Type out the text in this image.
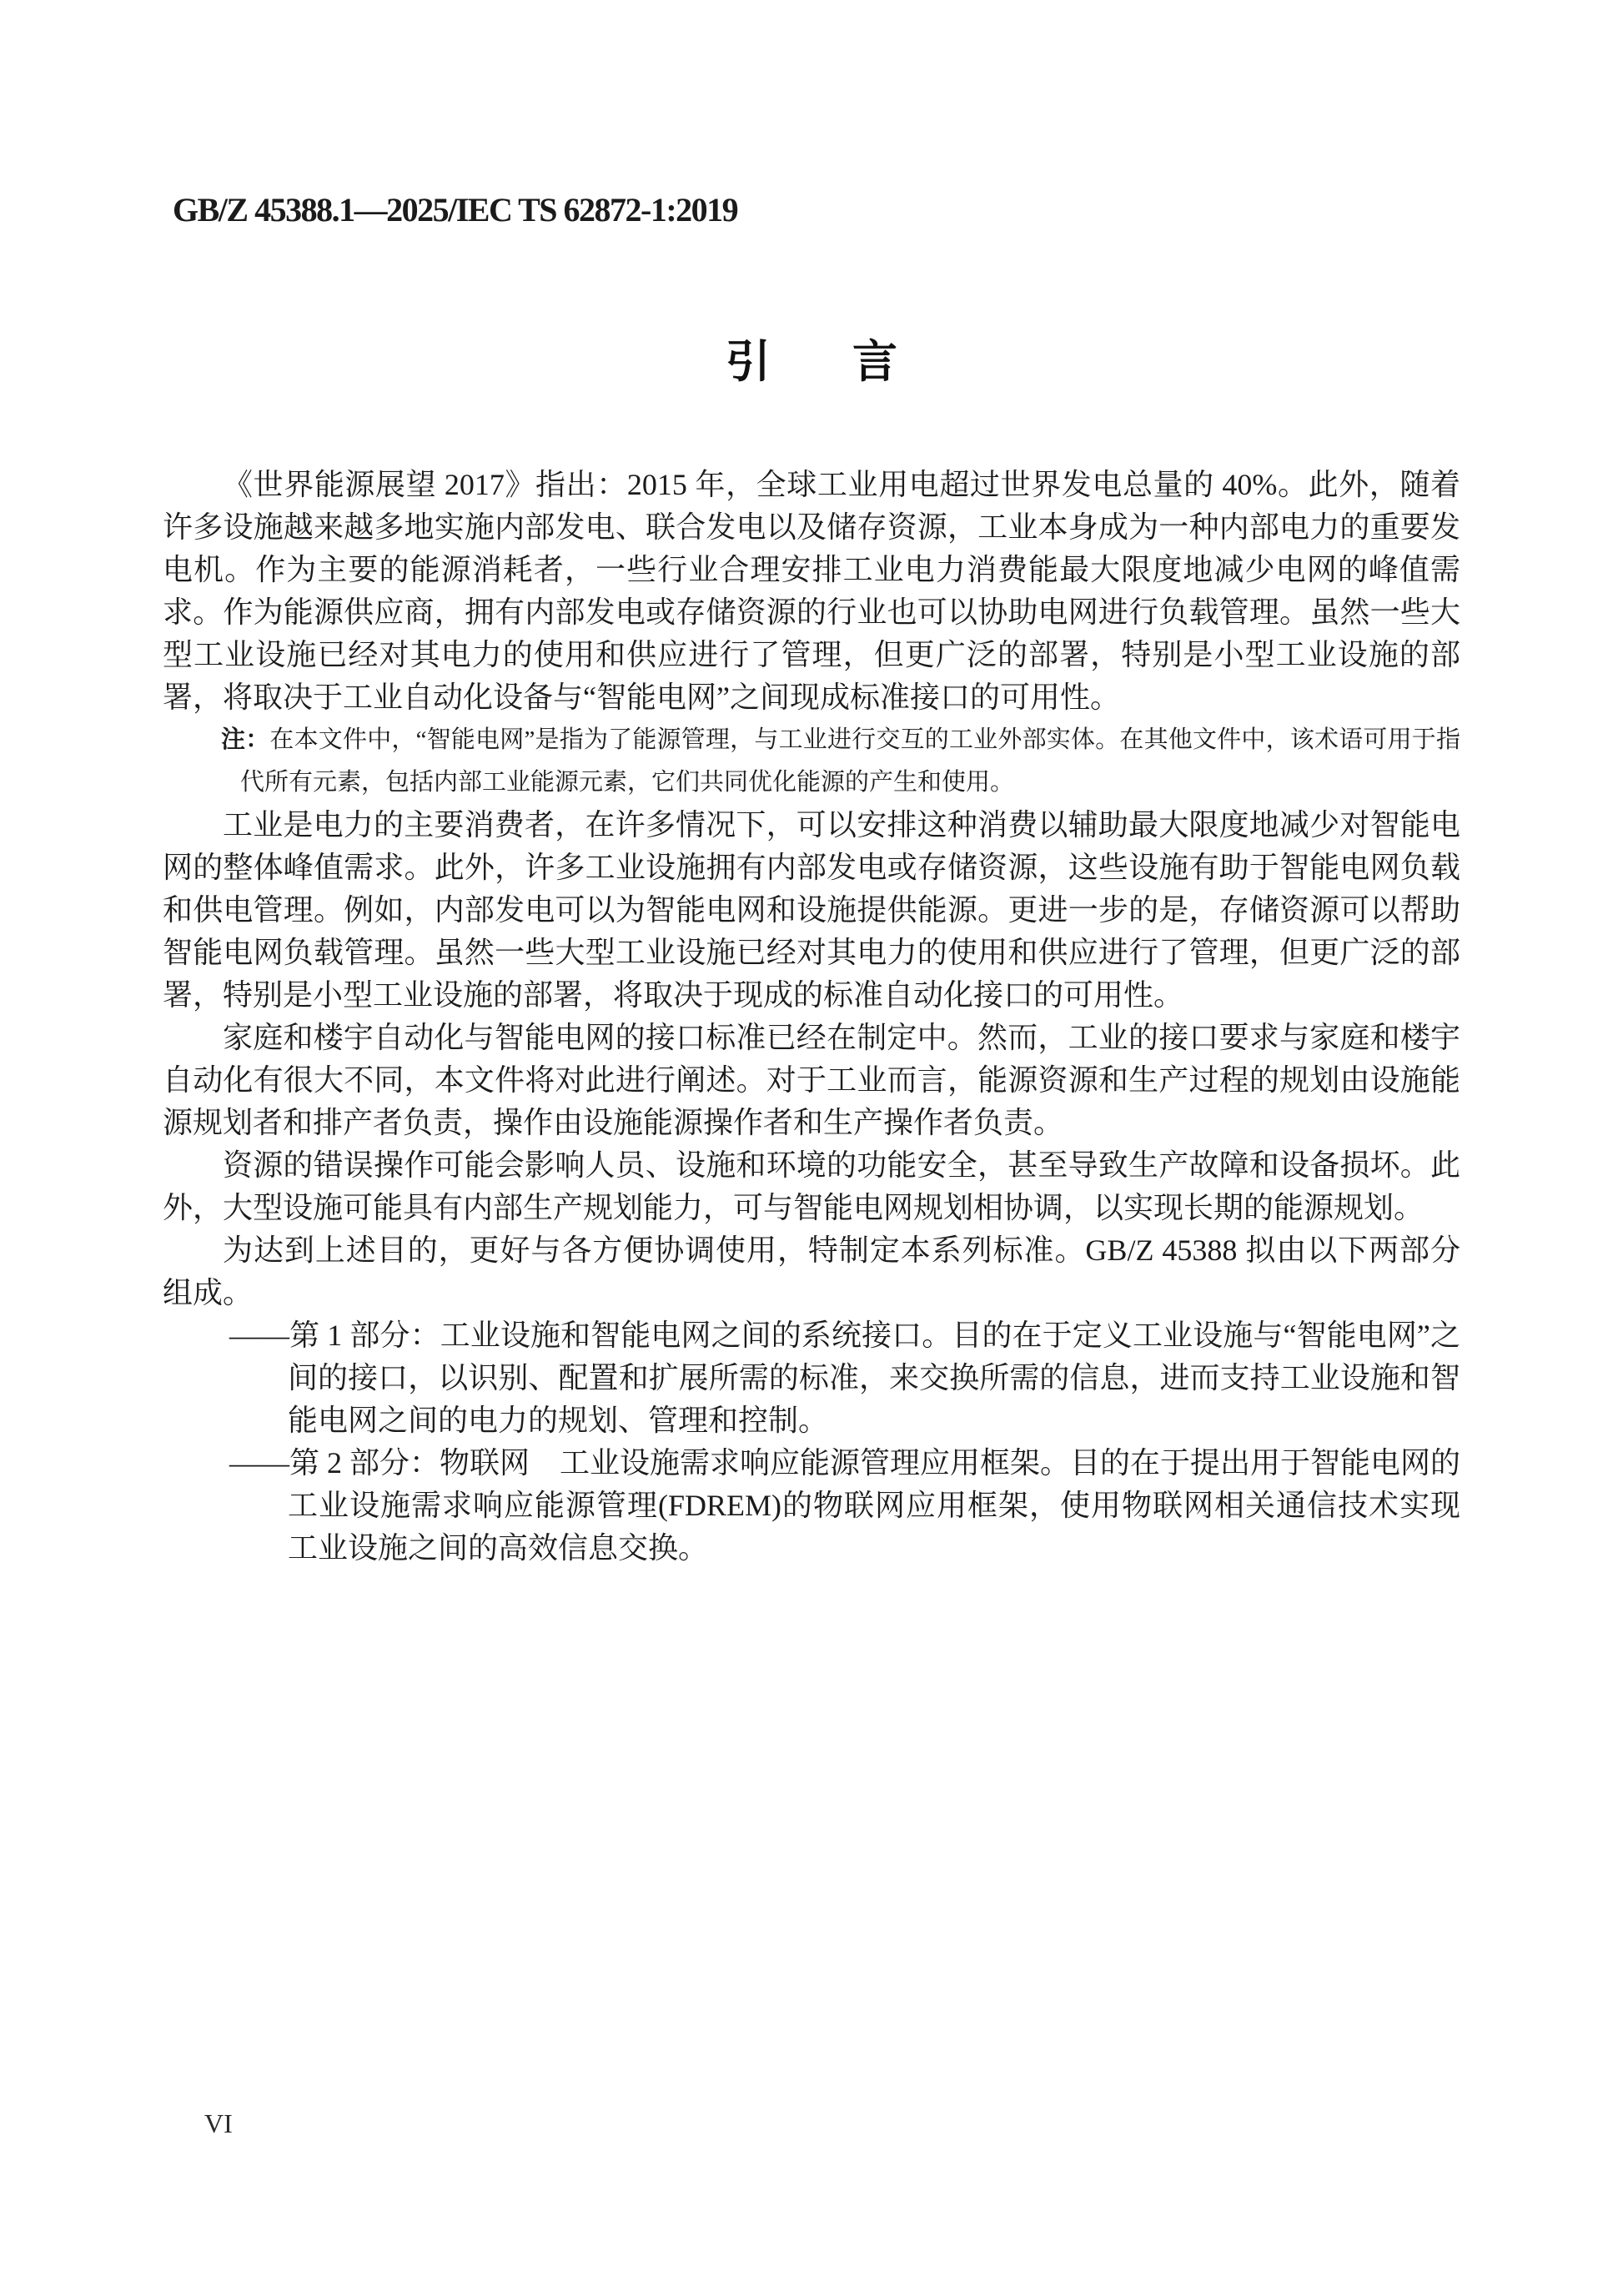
GB/Z 45388.1—2025/IEC TS 62872-1:2019
引　言

《世界能源展望 2017》指出：2015 年，全球工业用电超过世界发电总量的 40%。此外，随着许多设施越来越多地实施内部发电、联合发电以及储存资源，工业本身成为一种内部电力的重要发电机。作为主要的能源消耗者，一些行业合理安排工业电力消费能最大限度地减少电网的峰值需求。作为能源供应商，拥有内部发电或存储资源的行业也可以协助电网进行负载管理。虽然一些大型工业设施已经对其电力的使用和供应进行了管理，但更广泛的部署，特别是小型工业设施的部署，将取决于工业自动化设备与“智能电网”之间现成标准接口的可用性。

注：在本文件中，“智能电网”是指为了能源管理，与工业进行交互的工业外部实体。在其他文件中，该术语可用于指代所有元素，包括内部工业能源元素，它们共同优化能源的产生和使用。

工业是电力的主要消费者，在许多情况下，可以安排这种消费以辅助最大限度地减少对智能电网的整体峰值需求。此外，许多工业设施拥有内部发电或存储资源，这些设施有助于智能电网负载和供电管理。例如，内部发电可以为智能电网和设施提供能源。更进一步的是，存储资源可以帮助智能电网负载管理。虽然一些大型工业设施已经对其电力的使用和供应进行了管理，但更广泛的部署，特别是小型工业设施的部署，将取决于现成的标准自动化接口的可用性。

家庭和楼宇自动化与智能电网的接口标准已经在制定中。然而，工业的接口要求与家庭和楼宇自动化有很大不同，本文件将对此进行阐述。对于工业而言，能源资源和生产过程的规划由设施能源规划者和排产者负责，操作由设施能源操作者和生产操作者负责。

资源的错误操作可能会影响人员、设施和环境的功能安全，甚至导致生产故障和设备损坏。此外，大型设施可能具有内部生产规划能力，可与智能电网规划相协调，以实现长期的能源规划。

为达到上述目的，更好与各方便协调使用，特制定本系列标准。GB/Z 45388 拟由以下两部分组成。

——第 1 部分：工业设施和智能电网之间的系统接口。目的在于定义工业设施与“智能电网”之间的接口，以识别、配置和扩展所需的标准，来交换所需的信息，进而支持工业设施和智能电网之间的电力的规划、管理和控制。
——第 2 部分：物联网　工业设施需求响应能源管理应用框架。目的在于提出用于智能电网的工业设施需求响应能源管理(FDREM)的物联网应用框架，使用物联网相关通信技术实现工业设施之间的高效信息交换。
VI
